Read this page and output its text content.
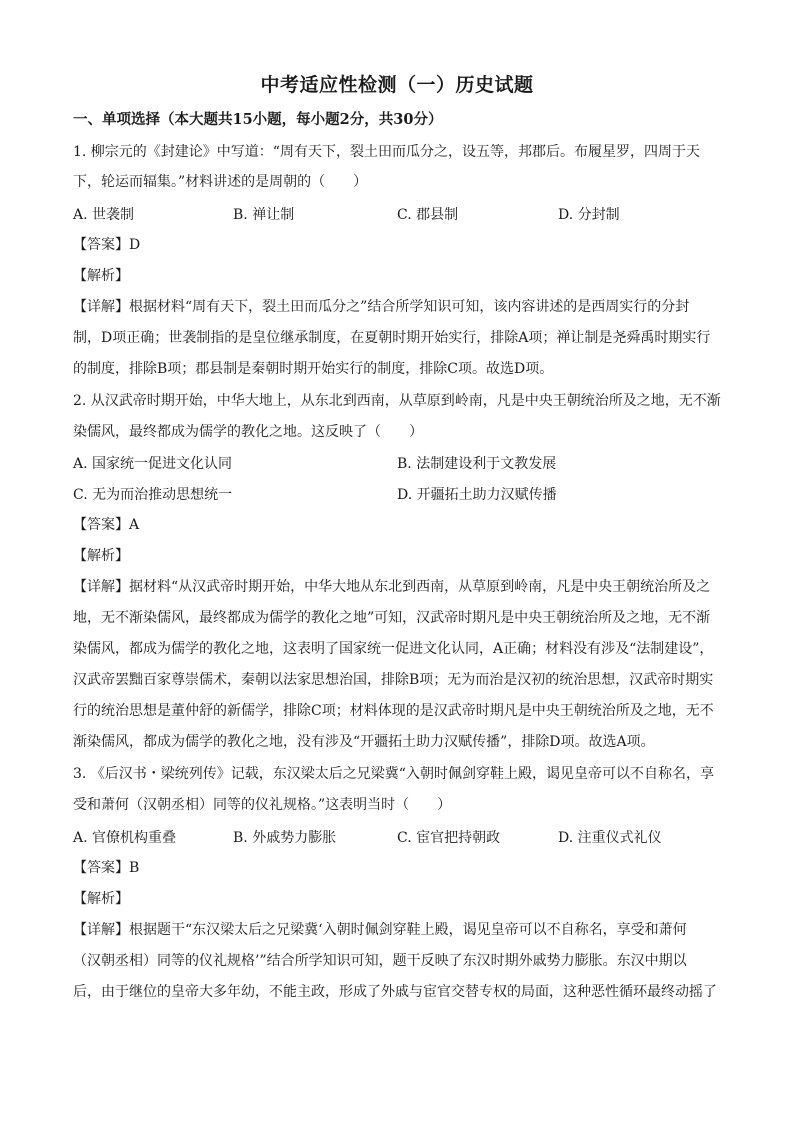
中考适应性检测（一）历史试题
一、单项选择（本大题共15小题，每小题2分，共30分）
1. 柳宗元的《封建论》中写道：“周有天下，裂土田而瓜分之，设五等，邦郡后。布履星罗，四周于天
下，轮运而辐集。”材料讲述的是周朝的（　　）
A. 世袭制	B. 禅让制	C. 郡县制	D. 分封制
【答案】D
【解析】
【详解】根据材料“周有天下，裂土田而瓜分之”结合所学知识可知，该内容讲述的是西周实行的分封
制，D项正确；世袭制指的是皇位继承制度，在夏朝时期开始实行，排除A项；禅让制是尧舜禹时期实行
的制度，排除B项；郡县制是秦朝时期开始实行的制度，排除C项。故选D项。
2. 从汉武帝时期开始，中华大地上，从东北到西南，从草原到岭南，凡是中央王朝统治所及之地，无不渐
染儒风，最终都成为儒学的教化之地。这反映了（　　）
A. 国家统一促进文化认同	B. 法制建设利于文教发展
C. 无为而治推动思想统一	D. 开疆拓土助力汉赋传播
【答案】A
【解析】
【详解】据材料“从汉武帝时期开始，中华大地从东北到西南，从草原到岭南，凡是中央王朝统治所及之
地，无不渐染儒风，最终都成为儒学的教化之地”可知，汉武帝时期凡是中央王朝统治所及之地，无不渐
染儒风，都成为儒学的教化之地，这表明了国家统一促进文化认同，A正确；材料没有涉及“法制建设”，
汉武帝罢黜百家尊崇儒术，秦朝以法家思想治国，排除B项；无为而治是汉初的统治思想，汉武帝时期实
行的统治思想是董仲舒的新儒学，排除C项；材料体现的是汉武帝时期凡是中央王朝统治所及之地，无不
渐染儒风，都成为儒学的教化之地，没有涉及“开疆拓土助力汉赋传播”，排除D项。故选A项。
3. 《后汉书・梁统列传》记载，东汉梁太后之兄梁冀“入朝时佩剑穿鞋上殿，谒见皇帝可以不自称名，享
受和萧何（汉朝丞相）同等的仪礼规格。”这表明当时（　　）
A. 官僚机构重叠	B. 外戚势力膨胀	C. 宦官把持朝政	D. 注重仪式礼仪
【答案】B
【解析】
【详解】根据题干“东汉梁太后之兄梁冀‘入朝时佩剑穿鞋上殿，谒见皇帝可以不自称名，享受和萧何
（汉朝丞相）同等的仪礼规格’”结合所学知识可知，题干反映了东汉时期外戚势力膨胀。东汉中期以
后，由于继位的皇帝大多年幼，不能主政，形成了外戚与宦官交替专权的局面，这种恶性循环最终动摇了
